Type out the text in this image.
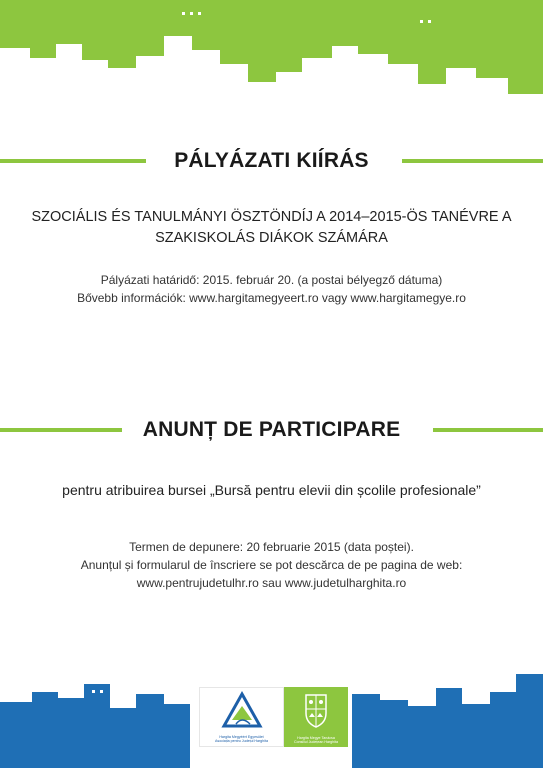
PÁLYÁZATI KIÍRÁS
SZOCIÁLIS ÉS TANULMÁNYI ÖSZTÖNDÍJ A 2014–2015-ÖS TANÉVRE A
SZAKISKOLÁS DIÁKOK SZÁMÁRA
Pályázati határidő: 2015. február 20. (a postai bélyegző dátuma)
Bővebb információk: www.hargitamegyeert.ro vagy www.hargitamegye.ro
ANUNȚ DE PARTICIPARE
pentru atribuirea bursei „Bursă pentru elevii din școlile profesionale”
Termen de depunere: 20 februarie 2015 (data poștei).
Anunțul și formularul de înscriere se pot descărca de pe pagina de web:
www.pentrujudetulhr.ro sau www.judetulharghita.ro
Hargita Megyéért Egyesület
Asociația pentru Județul Harghita
Hargita Megye Tanácsa
Consiliul Județean Harghita
